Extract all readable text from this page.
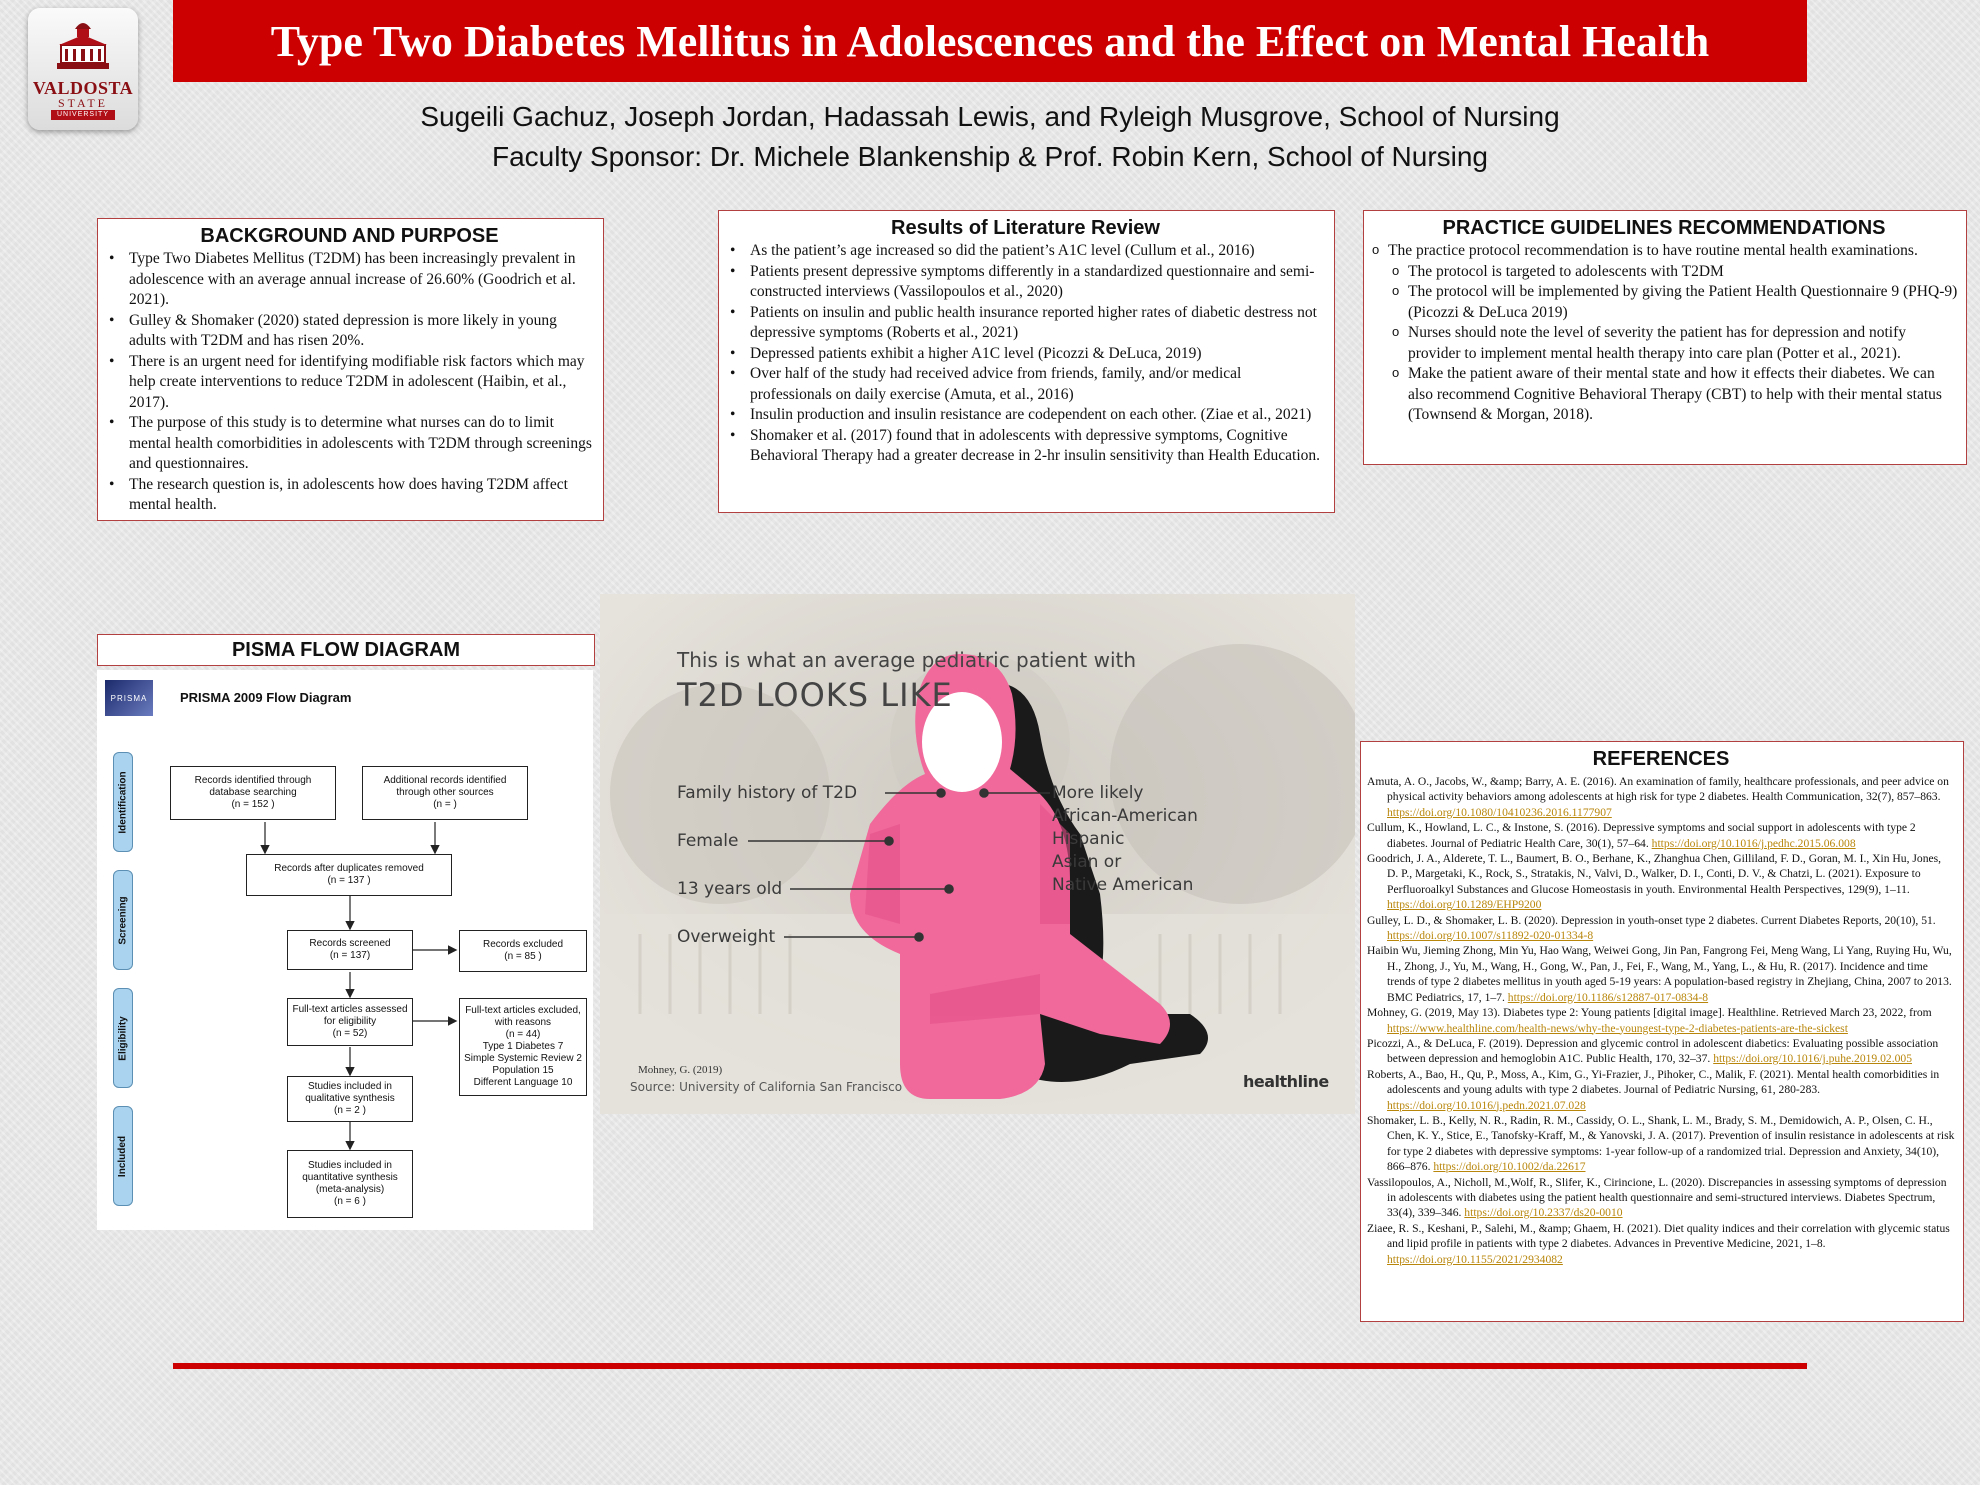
VALDOSTA
STATE
UNIVERSITY
Type Two Diabetes Mellitus in Adolescences and the Effect on Mental Health
Sugeili Gachuz, Joseph Jordan, Hadassah Lewis, and Ryleigh Musgrove, School of Nursing
Faculty Sponsor: Dr. Michele Blankenship & Prof. Robin Kern, School of Nursing
BACKGROUND AND PURPOSE
• Type Two Diabetes Mellitus (T2DM) has been increasingly prevalent in adolescence with an average annual increase of 26.60% (Goodrich et al. 2021).
• Gulley & Shomaker (2020) stated depression is more likely in young adults with T2DM and has risen 20%.
• There is an urgent need for identifying modifiable risk factors which may help create interventions to reduce T2DM in adolescent (Haibin, et al., 2017).
• The purpose of this study is to determine what nurses can do to limit mental health comorbidities in adolescents with T2DM through screenings and questionnaires.
• The research question is, in adolescents how does having T2DM affect mental health.
Results of Literature Review
• As the patient’s age increased so did the patient’s A1C level (Cullum et al., 2016)
• Patients present depressive symptoms differently in a standardized questionnaire and semi-constructed interviews (Vassilopoulos et al., 2020)
• Patients on insulin and public health insurance reported higher rates of diabetic destress not depressive symptoms (Roberts et al., 2021)
• Depressed patients exhibit a higher A1C level (Picozzi & DeLuca, 2019)
• Over half of the study had received advice from friends, family, and/or medical professionals on daily exercise (Amuta, et al., 2016)
• Insulin production and insulin resistance are codependent on each other. (Ziae et al., 2021)
• Shomaker et al. (2017) found that in adolescents with depressive symptoms, Cognitive Behavioral Therapy had a greater decrease in 2-hr insulin sensitivity than Health Education.
PRACTICE GUIDELINES RECOMMENDATIONS
o The practice protocol recommendation is to have routine mental health examinations.
o The protocol is targeted to adolescents with T2DM
o The protocol will be implemented by giving the Patient Health Questionnaire 9 (PHQ-9) (Picozzi & DeLuca 2019)
o Nurses should note the level of severity the patient has for depression and notify provider to implement mental health therapy into care plan (Potter et al., 2021).
o Make the patient aware of their mental state and how it effects their diabetes. We can also recommend Cognitive Behavioral Therapy (CBT) to help with their mental status (Townsend & Morgan, 2018).
PISMA FLOW DIAGRAM
PRISMA	PRISMA 2009 Flow Diagram
Identification
Screening
Eligibility
Included
Records identified through
database searching
(n = 152 )
Additional records identified
through other sources
(n = )
Records after duplicates removed
(n = 137 )
Records screened
(n = 137)
Records excluded
(n = 85 )
Full-text articles assessed
for eligibility
(n = 52)
Full-text articles excluded,
with reasons
(n = 44)
Type 1 Diabetes 7
Simple Systemic Review 2
Population 15
Different Language 10
Studies included in
qualitative synthesis
(n = 2 )
Studies included in
quantitative synthesis
(meta-analysis)
(n = 6 )
This is what an average pediatric patient with
T2D LOOKS LIKE
Family history of T2D
Female
13 years old
Overweight
More likely
African-American
Hispanic
Asian or
Native American
Mohney, G. (2019)
Source: University of California San Francisco	healthline
REFERENCES
Amuta, A. O., Jacobs, W., &amp; Barry, A. E. (2016). An examination of family, healthcare professionals, and peer advice on physical activity behaviors among adolescents at high risk for type 2 diabetes. Health Communication, 32(7), 857–863. https://doi.org/10.1080/10410236.2016.1177907
Cullum, K., Howland, L. C., & Instone, S. (2016). Depressive symptoms and social support in adolescents with type 2 diabetes. Journal of Pediatric Health Care, 30(1), 57–64. https://doi.org/10.1016/j.pedhc.2015.06.008
Goodrich, J. A., Alderete, T. L., Baumert, B. O., Berhane, K., Zhanghua Chen, Gilliland, F. D., Goran, M. I., Xin Hu, Jones, D. P., Margetaki, K., Rock, S., Stratakis, N., Valvi, D., Walker, D. I., Conti, D. V., & Chatzi, L. (2021). Exposure to Perfluoroalkyl Substances and Glucose Homeostasis in youth. Environmental Health Perspectives, 129(9), 1–11. https://doi.org/10.1289/EHP9200
Gulley, L. D., & Shomaker, L. B. (2020). Depression in youth-onset type 2 diabetes. Current Diabetes Reports, 20(10), 51. https://doi.org/10.1007/s11892-020-01334-8
Haibin Wu, Jieming Zhong, Min Yu, Hao Wang, Weiwei Gong, Jin Pan, Fangrong Fei, Meng Wang, Li Yang, Ruying Hu, Wu, H., Zhong, J., Yu, M., Wang, H., Gong, W., Pan, J., Fei, F., Wang, M., Yang, L., & Hu, R. (2017). Incidence and time trends of type 2 diabetes mellitus in youth aged 5-19 years: A population-based registry in Zhejiang, China, 2007 to 2013. BMC Pediatrics, 17, 1–7. https://doi.org/10.1186/s12887-017-0834-8
Mohney, G. (2019, May 13). Diabetes type 2: Young patients [digital image]. Healthline. Retrieved March 23, 2022, from https://www.healthline.com/health-news/why-the-youngest-type-2-diabetes-patients-are-the-sickest
Picozzi, A., & DeLuca, F. (2019). Depression and glycemic control in adolescent diabetics: Evaluating possible association between depression and hemoglobin A1C. Public Health, 170, 32–37. https://doi.org/10.1016/j.puhe.2019.02.005
Roberts, A., Bao, H., Qu, P., Moss, A., Kim, G., Yi-Frazier, J., Pihoker, C., Malik, F. (2021). Mental health comorbidities in adolescents and young adults with type 2 diabetes. Journal of Pediatric Nursing, 61, 280-283. https://doi.org/10.1016/j.pedn.2021.07.028
Shomaker, L. B., Kelly, N. R., Radin, R. M., Cassidy, O. L., Shank, L. M., Brady, S. M., Demidowich, A. P., Olsen, C. H., Chen, K. Y., Stice, E., Tanofsky-Kraff, M., & Yanovski, J. A. (2017). Prevention of insulin resistance in adolescents at risk for type 2 diabetes with depressive symptoms: 1-year follow-up of a randomized trial. Depression and Anxiety, 34(10), 866–876. https://doi.org/10.1002/da.22617
Vassilopoulos, A., Nicholl, M.,Wolf, R., Slifer, K., Cirincione, L. (2020). Discrepancies in assessing symptoms of depression in adolescents with diabetes using the patient health questionnaire and semi-structured interviews. Diabetes Spectrum, 33(4), 339–346. https://doi.org/10.2337/ds20-0010
Ziaee, R. S., Keshani, P., Salehi, M., &amp; Ghaem, H. (2021). Diet quality indices and their correlation with glycemic status and lipid profile in patients with type 2 diabetes. Advances in Preventive Medicine, 2021, 1–8. https://doi.org/10.1155/2021/2934082
